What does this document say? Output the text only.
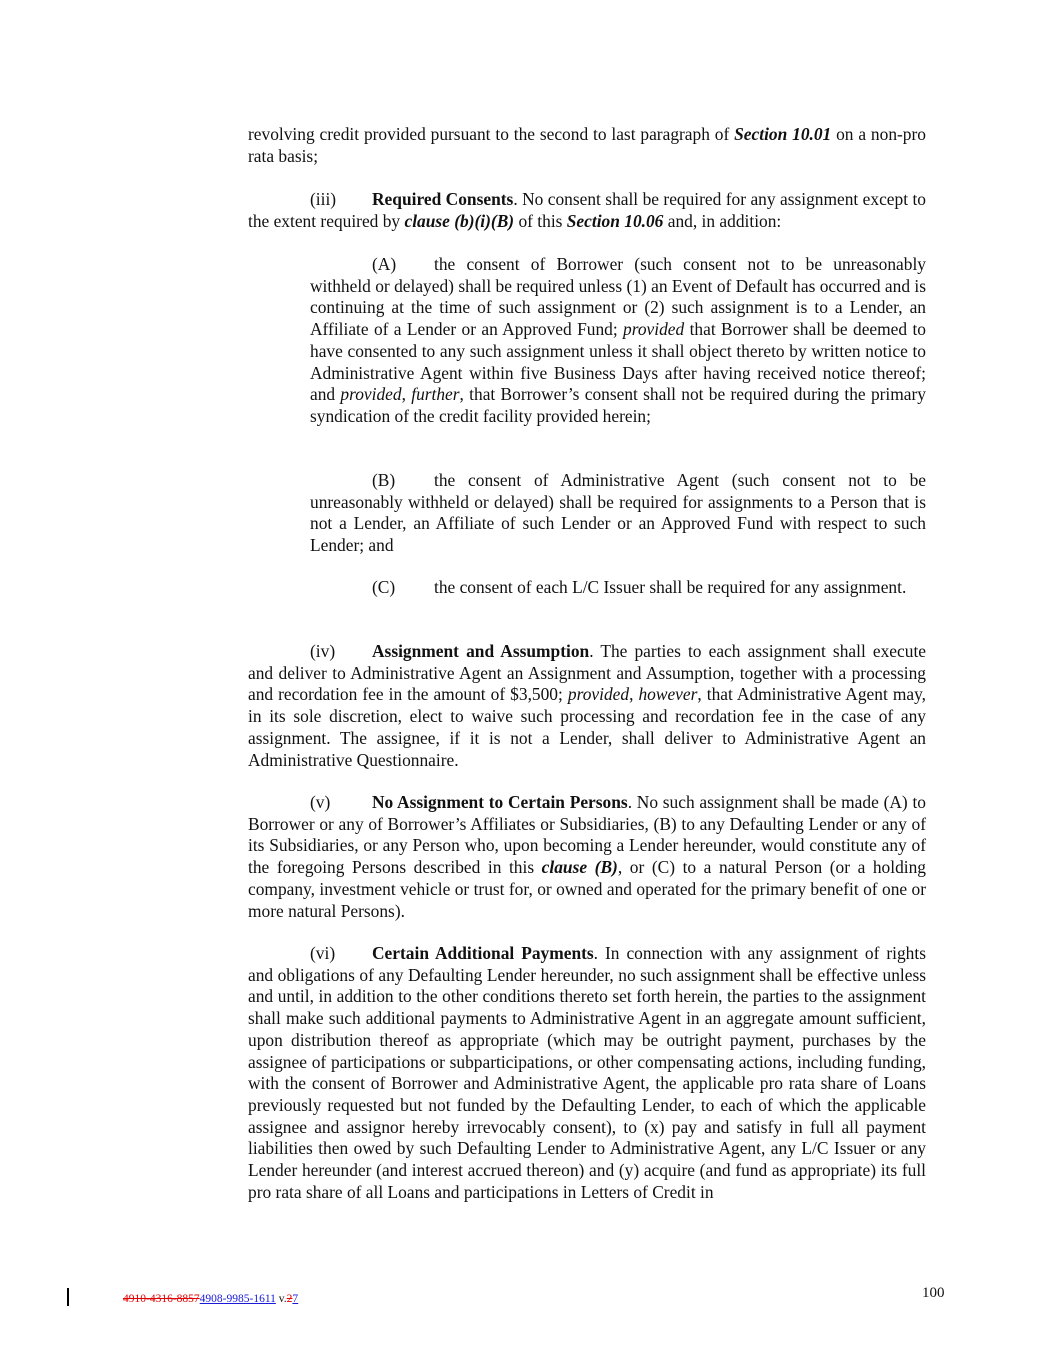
revolving credit provided pursuant to the second to last paragraph of Section 10.01 on a non-pro rata basis;
(iii) Required Consents. No consent shall be required for any assignment except to the extent required by clause (b)(i)(B) of this Section 10.06 and, in addition:
(A) the consent of Borrower (such consent not to be unreasonably withheld or delayed) shall be required unless (1) an Event of Default has occurred and is continuing at the time of such assignment or (2) such assignment is to a Lender, an Affiliate of a Lender or an Approved Fund; provided that Borrower shall be deemed to have consented to any such assignment unless it shall object thereto by written notice to Administrative Agent within five Business Days after having received notice thereof; and provided, further, that Borrower’s consent shall not be required during the primary syndication of the credit facility provided herein;
(B) the consent of Administrative Agent (such consent not to be unreasonably withheld or delayed) shall be required for assignments to a Person that is not a Lender, an Affiliate of such Lender or an Approved Fund with respect to such Lender; and
(C) the consent of each L/C Issuer shall be required for any assignment.
(iv) Assignment and Assumption. The parties to each assignment shall execute and deliver to Administrative Agent an Assignment and Assumption, together with a processing and recordation fee in the amount of $3,500; provided, however, that Administrative Agent may, in its sole discretion, elect to waive such processing and recordation fee in the case of any assignment. The assignee, if it is not a Lender, shall deliver to Administrative Agent an Administrative Questionnaire.
(v) No Assignment to Certain Persons. No such assignment shall be made (A) to Borrower or any of Borrower’s Affiliates or Subsidiaries, (B) to any Defaulting Lender or any of its Subsidiaries, or any Person who, upon becoming a Lender hereunder, would constitute any of the foregoing Persons described in this clause (B), or (C) to a natural Person (or a holding company, investment vehicle or trust for, or owned and operated for the primary benefit of one or more natural Persons).
(vi) Certain Additional Payments. In connection with any assignment of rights and obligations of any Defaulting Lender hereunder, no such assignment shall be effective unless and until, in addition to the other conditions thereto set forth herein, the parties to the assignment shall make such additional payments to Administrative Agent in an aggregate amount sufficient, upon distribution thereof as appropriate (which may be outright payment, purchases by the assignee of participations or subparticipations, or other compensating actions, including funding, with the consent of Borrower and Administrative Agent, the applicable pro rata share of Loans previously requested but not funded by the Defaulting Lender, to each of which the applicable assignee and assignor hereby irrevocably consent), to (x) pay and satisfy in full all payment liabilities then owed by such Defaulting Lender to Administrative Agent, any L/C Issuer or any Lender hereunder (and interest accrued thereon) and (y) acquire (and fund as appropriate) its full pro rata share of all Loans and participations in Letters of Credit in
4910-4316-88574908-9985-1611 v.27	100
